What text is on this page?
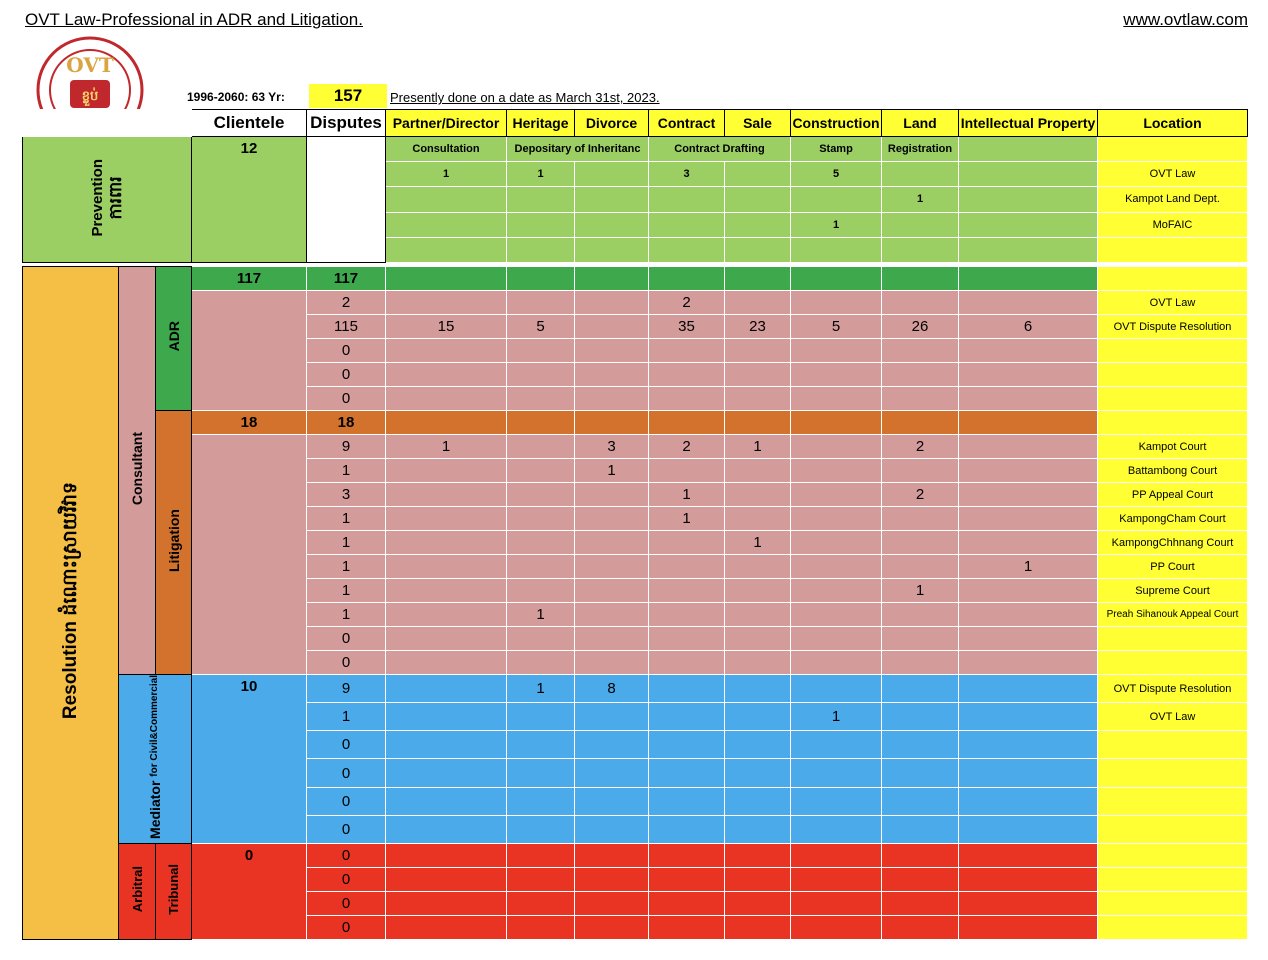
OVT Law-Professional in ADR and Litigation.	www.ovtlaw.com
OVT
ខ្លួប់	1996-2060: 63 Yr:	157	Presently done on a date as March 31st, 2023.
			Clientele	Disputes	Partner/Director	Heritage	Divorce	Contract	Sale	Construction	Land	Intellectual Property	Location
Prevention
ការពារ			12		Consultation	Depositary of Inheritanc		Contract Drafting		Stamp	Registration		
					1	1		3		5			OVT Law
											1		Kampot Land Dept.
										1			MoFAIC

Resolution ដំណោះស្រាយវិវាទ	Consultant	ADR	117	117									
				2				2					OVT Law
				115	15	5		35	23	5	26	6	OVT Dispute Resolution
				0									
				0									
				0									
		Litigation	18	18									
				9	1		3	2	1		2		Kampot Court
				1			1						Battambong Court
				3				1			2		PP Appeal Court
				1				1					KampongCham Court
				1					1				KampongChhnang Court
				1								1	PP Court
				1							1		Supreme Court
				1		1							Preah Sihanouk Appeal Court
				0									
				0									
	Mediator for Civil&Commercial		10	9		1	8						OVT Dispute Resolution
				1						1			OVT Law
				0									
				0									
				0									
				0									
	Arbitral	Tribunal	0	0									
				0									
				0									
				0									
